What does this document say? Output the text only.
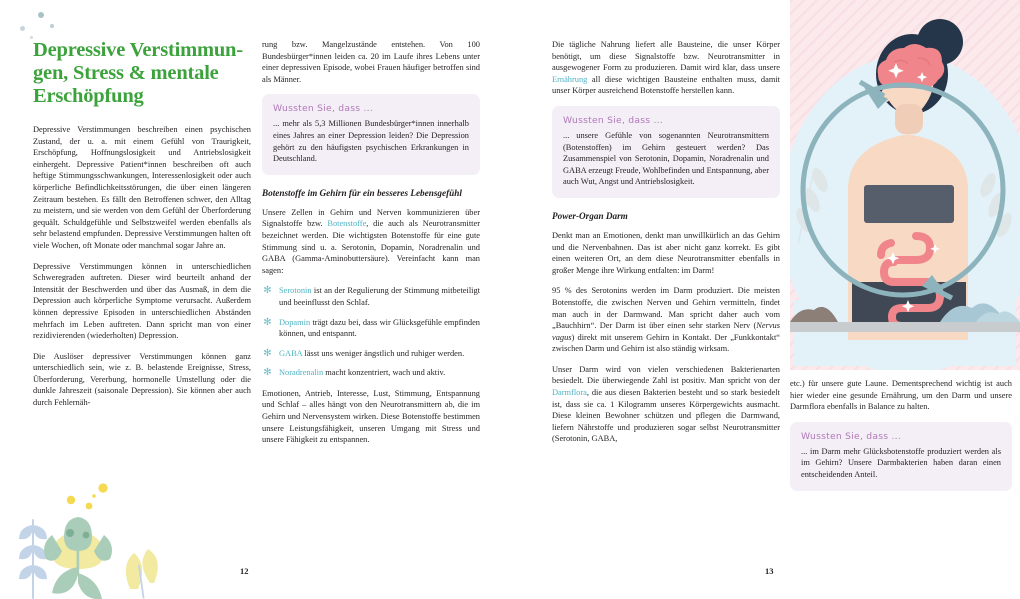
Depressive Verstimmun-
gen, Stress & mentale
Erschöpfung

Depressive Verstimmungen beschreiben einen psychischen Zustand, der u. a. mit einem Gefühl von Traurigkeit, Erschöpfung, Hoffnungslosigkeit und Antriebslosigkeit einhergeht. Depressive Patient*innen beschreiben oft auch heftige Stimmungsschwankungen, Interessenlosigkeit oder auch körperliche Befindlichkeitsstörungen, die über einen längeren Zeitraum bestehen. Es fällt den Betroffenen schwer, den Alltag zu meistern, und sie werden von dem Gefühl der Überforderung gequält. Schuldgefühle und Selbstzweifel werden ebenfalls als sehr belastend empfunden. Depressive Verstimmungen halten oft viele Wochen, oft Monate oder manchmal sogar Jahre an.

Depressive Verstimmungen können in unterschiedlichen Schweregraden auftreten. Dieser wird beurteilt anhand der Intensität der Beschwerden und über das Ausmaß, in dem die Depression auch körperliche Symptome verursacht. Außerdem können depressive Episoden in unterschiedlichen Abständen mehrfach im Leben auftreten. Dann spricht man von einer rezidivierenden (wiederholten) Depression.

Die Auslöser depressiver Verstimmungen können ganz unterschiedlich sein, wie z. B. belastende Ereignisse, Stress, Überforderung, Vererbung, hormonelle Umstellung oder die dunkle Jahreszeit (saisonale Depression). Sie können aber auch durch Fehlernäh-

rung bzw. Mangelzustände entstehen. Von 100 Bundesbürger*innen leiden ca. 20 im Laufe ihres Lebens unter einer depressiven Episode, wobei Frauen häufiger betroffen sind als Männer.

Wussten Sie, dass ...
... mehr als 5,3 Millionen Bundesbürger*innen innerhalb eines Jahres an einer Depression leiden? Die Depression gehört zu den häufigsten psychischen Erkrankungen in Deutschland.
Botenstoffe im Gehirn für ein besseres Lebensgefühl

Unsere Zellen in Gehirn und Nerven kommunizieren über Signalstoffe bzw. Botenstoffe, die auch als Neurotransmitter bezeichnet werden. Die wichtigsten Botenstoffe für eine gute Stimmung sind u. a. Serotonin, Dopamin, Noradrenalin und GABA (Gamma-Aminobuttersäure). Vereinfacht kann man sagen:

✻ Serotonin ist an der Regulierung der Stimmung mitbeteiligt und beeinflusst den Schlaf.
✻ Dopamin trägt dazu bei, dass wir Glücksgefühle empfinden können, und entspannt.
✻ GABA lässt uns weniger ängstlich und ruhiger werden.
✻ Noradrenalin macht konzentriert, wach und aktiv.

Emotionen, Antrieb, Interesse, Lust, Stimmung, Entspannung und Schlaf – alles hängt von den Neurotransmittern ab, die im Gehirn und Nervensystem wirken. Diese Botenstoffe bestimmen unsere Leistungsfähigkeit, unseren Umgang mit Stress und unsere Fähigkeit zu entspannen.

Die tägliche Nahrung liefert alle Bausteine, die unser Körper benötigt, um diese Signalstoffe bzw. Neurotransmitter in ausgewogener Form zu produzieren. Damit wird klar, dass unsere Ernährung all diese wichtigen Bausteine enthalten muss, damit unser Körper ausreichend Botenstoffe herstellen kann.

Wussten Sie, dass ...
... unsere Gefühle von sogenannten Neurotransmittern (Botenstoffen) im Gehirn gesteuert werden? Das Zusammenspiel von Serotonin, Dopamin, Noradrenalin und GABA erzeugt Freude, Wohlbefinden und Entspannung, aber auch Wut, Angst und Antriebslosigkeit.
Power-Organ Darm

Denkt man an Emotionen, denkt man unwillkürlich an das Gehirn und die Nervenbahnen. Das ist aber nicht ganz korrekt. Es gibt einen weiteren Ort, an dem diese Neurotransmitter ebenfalls in großer Menge ihre Wirkung entfalten: im Darm!

95 % des Serotonins werden im Darm produziert. Die meisten Botenstoffe, die zwischen Nerven und Gehirn vermitteln, findet man auch in der Darmwand. Man spricht daher auch vom „Bauchhirn“. Der Darm ist über einen sehr starken Nerv (Nervus vagus) direkt mit unserem Gehirn in Kontakt. Der „Funkkontakt“ zwischen Darm und Gehirn ist also ständig wirksam.

Unser Darm wird von vielen verschiedenen Bakterienarten besiedelt. Die überwiegende Zahl ist positiv. Man spricht von der Darmflora, die aus diesen Bakterien besteht und so stark besiedelt ist, dass sie ca. 1 Kilogramm unseres Körpergewichts ausmacht. Diese kleinen Bewohner schützen und pflegen die Darmwand, liefern Nährstoffe und produzieren sogar selbst Neurotransmitter (Serotonin, GABA,

etc.) für unsere gute Laune. Dementsprechend wichtig ist auch hier wieder eine gesunde Ernährung, um den Darm und unsere Darmflora ebenfalls in Balance zu halten.

Wussten Sie, dass ...
... im Darm mehr Glücksbotenstoffe produziert werden als im Gehirn? Unsere Darmbakterien haben daran einen entscheidenden Anteil.
12	13
